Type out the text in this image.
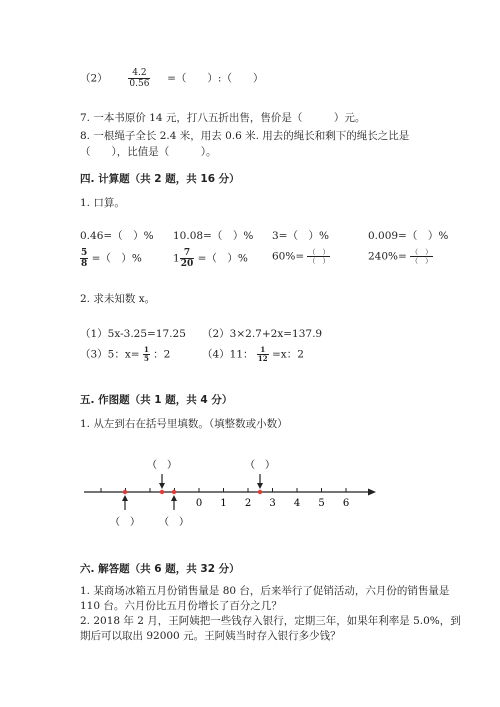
$(2) \frac{4.2}{0.56}$ =（　　）:（　　）
7. 一本书原价 14 元，打八五折出售，售价是（　　　）元。
8. 一根绳子全长 2.4 米，用去 0.6 米. 用去的绳长和剩下的绳长之比是
（　　），比值是（　　　）。
四. 计算题（共 2 题，共 16 分）
1. 口算。
0.46=（　）% 10.08=（　）% 3=（　）%	0.009=（　）%
$\frac{5}{8}$ =（　）%	$1 \frac{7}{20}$ =（　）% $60\%= \frac{( )}{( )}$	$240\%= \frac{( )}{( )}$
2. 求未知数 x。
（1）5x-3.25=17.25 （2）3×2.7+2x=137.9
（3）5：$x= \frac{1}{5}$ ：2	（4）11： $\frac{1}{12} =x$：2
五. 作图题（共 1 题，共 4 分）
1. 从左到右在括号里填数。（填整数或小数）
0 1 2 3 4 5 6
（　）	（　）
（　） （　）
六. 解答题（共 6 题，共 32 分）
1. 某商场冰箱五月份销售量是 80 台，后来举行了促销活动，六月份的销售量是
110 台。六月份比五月份增长了百分之几？
2. 2018 年 2 月，王阿姨把一些钱存入银行，定期三年，如果年利率是 5.0%，到
期后可以取出 92000 元。王阿姨当时存入银行多少钱？
